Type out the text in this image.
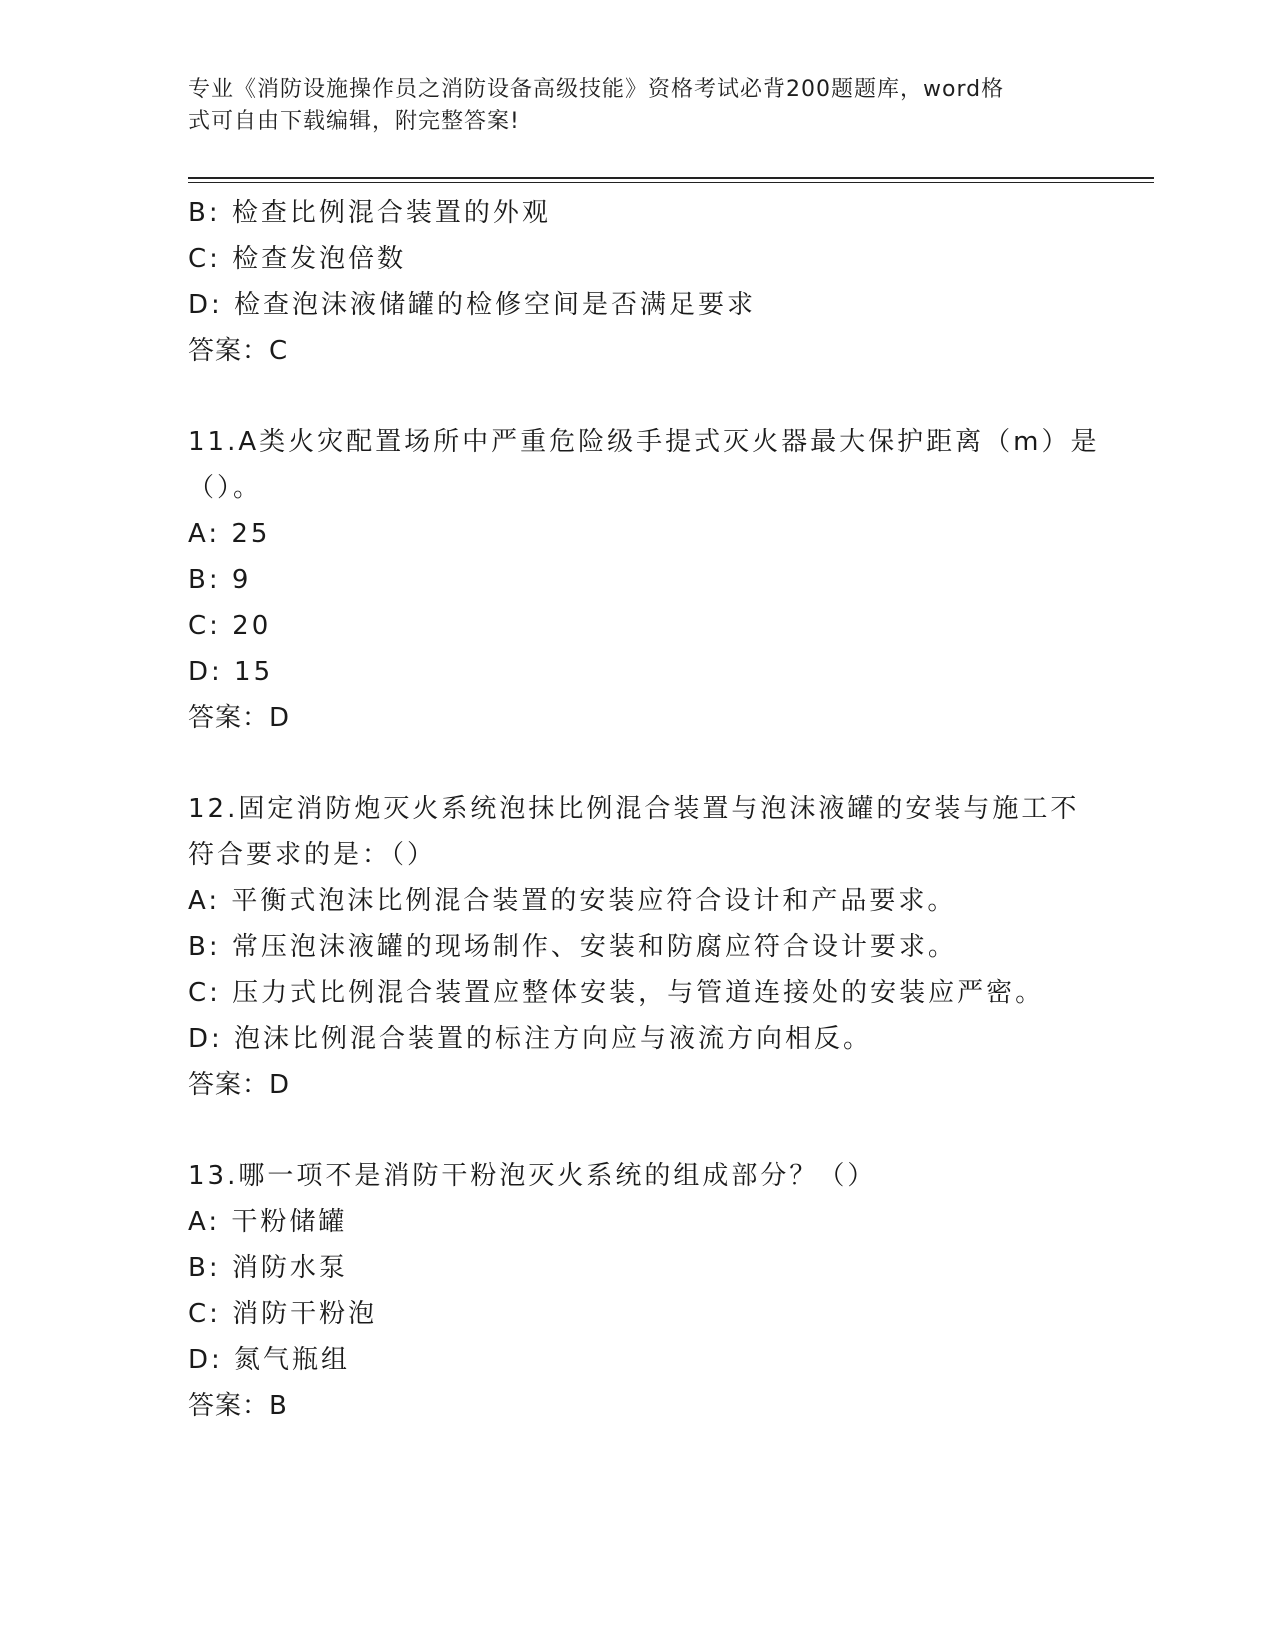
专业《消防设施操作员之消防设备高级技能》资格考试必背200题题库，word格
式可自由下载编辑，附完整答案!
B: 检查比例混合装置的外观
C: 检查发泡倍数
D: 检查泡沫液储罐的检修空间是否满足要求
答案：C
11.A类火灾配置场所中严重危险级手提式灭火器最大保护距离（m）是
（）。
A: 25
B: 9
C: 20
D: 15
答案：D
12.固定消防炮灭火系统泡抹比例混合装置与泡沫液罐的安装与施工不
符合要求的是：（）
A: 平衡式泡沫比例混合装置的安装应符合设计和产品要求。
B: 常压泡沫液罐的现场制作、安装和防腐应符合设计要求。
C: 压力式比例混合装置应整体安装，与管道连接处的安装应严密。
D: 泡沫比例混合装置的标注方向应与液流方向相反。
答案：D
13.哪一项不是消防干粉泡灭火系统的组成部分？（）
A: 干粉储罐
B: 消防水泵
C: 消防干粉泡
D: 氮气瓶组
答案：B
